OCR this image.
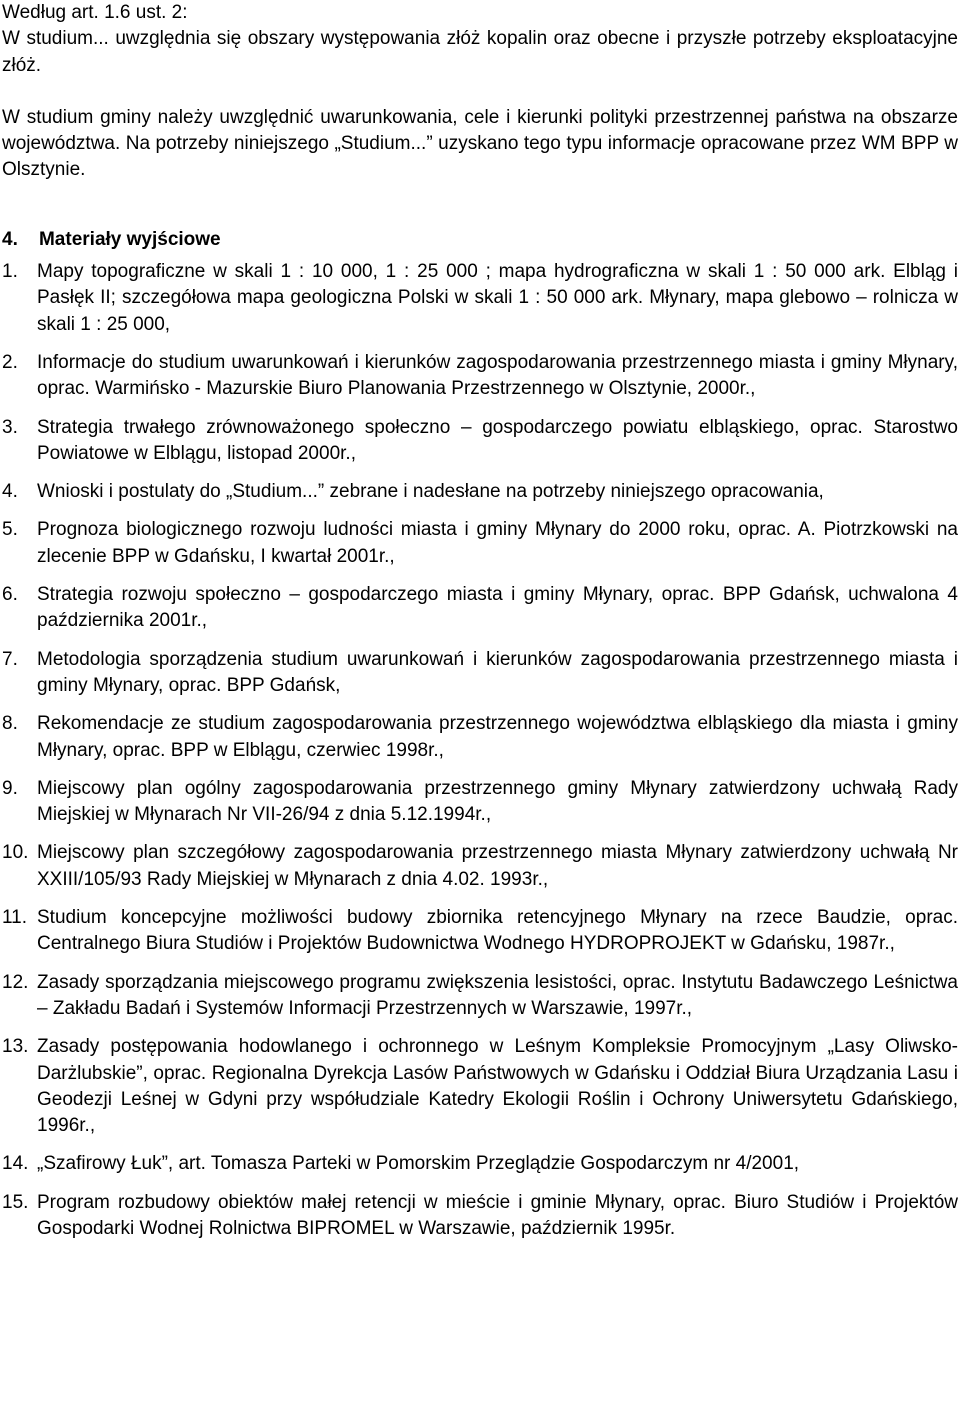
Według art. 1.6 ust. 2:

W studium... uwzględnia się obszary występowania złóż kopalin oraz obecne i przyszłe potrzeby eksploatacyjne złóż.

W studium gminy należy uwzględnić uwarunkowania, cele i kierunki polityki przestrzennej państwa na obszarze województwa. Na potrzeby niniejszego „Studium...” uzyskano tego typu informacje opracowane przez WM BPP w Olsztynie.

4. Materiały wyjściowe
1.	Mapy topograficzne w skali 1 : 10 000, 1 : 25 000 ; mapa hydrograficzna w skali 1 : 50 000 ark. Elbląg i Pasłęk II; szczegółowa mapa geologiczna Polski w skali 1 : 50 000 ark. Młynary, mapa glebowo – rolnicza w skali 1 : 25 000,
2.	Informacje do studium uwarunkowań i kierunków zagospodarowania przestrzennego miasta i gminy Młynary, oprac. Warmińsko - Mazurskie Biuro Planowania Przestrzennego w Olsztynie, 2000r.,
3.	Strategia trwałego zrównoważonego społeczno – gospodarczego powiatu elbląskiego, oprac. Starostwo Powiatowe w Elblągu, listopad 2000r.,
4.	Wnioski i postulaty do „Studium...” zebrane i nadesłane na potrzeby niniejszego opracowania,
5.	Prognoza biologicznego rozwoju ludności miasta i gminy Młynary do 2000 roku, oprac. A. Piotrzkowski na zlecenie BPP w Gdańsku, I kwartał 2001r.,
6.	Strategia rozwoju społeczno – gospodarczego miasta i gminy Młynary, oprac. BPP Gdańsk, uchwalona 4 października 2001r.,
7.	Metodologia sporządzenia studium uwarunkowań i kierunków zagospodarowania przestrzennego miasta i gminy Młynary, oprac. BPP Gdańsk,
8.	Rekomendacje ze studium zagospodarowania przestrzennego województwa elbląskiego dla miasta i gminy Młynary, oprac. BPP w Elblągu, czerwiec 1998r.,
9.	Miejscowy plan ogólny zagospodarowania przestrzennego gminy Młynary zatwierdzony uchwałą Rady Miejskiej w Młynarach Nr VII-26/94 z dnia 5.12.1994r.,
10. Miejscowy plan szczegółowy zagospodarowania przestrzennego miasta Młynary zatwierdzony uchwałą Nr XXIII/105/93 Rady Miejskiej w Młynarach z dnia 4.02. 1993r.,
11. Studium koncepcyjne możliwości budowy zbiornika retencyjnego Młynary na rzece Baudzie, oprac. Centralnego Biura Studiów i Projektów Budownictwa Wodnego HYDROPROJEKT w Gdańsku, 1987r.,
12. Zasady sporządzania miejscowego programu zwiększenia lesistości, oprac. Instytutu Badawczego Leśnictwa – Zakładu Badań i Systemów Informacji Przestrzennych w Warszawie, 1997r.,
13. Zasady postępowania hodowlanego i ochronnego w Leśnym Kompleksie Promocyjnym „Lasy Oliwsko-Darżlubskie”, oprac. Regionalna Dyrekcja Lasów Państwowych w Gdańsku i Oddział Biura Urządzania Lasu i Geodezji Leśnej w Gdyni przy współudziale Katedry Ekologii Roślin i Ochrony Uniwersytetu Gdańskiego, 1996r.,
14. „Szafirowy Łuk”, art. Tomasza Parteki w Pomorskim Przeglądzie Gospodarczym nr 4/2001,
15. Program rozbudowy obiektów małej retencji w mieście i gminie Młynary, oprac. Biuro Studiów i Projektów Gospodarki Wodnej Rolnictwa BIPROMEL w Warszawie, październik 1995r.
